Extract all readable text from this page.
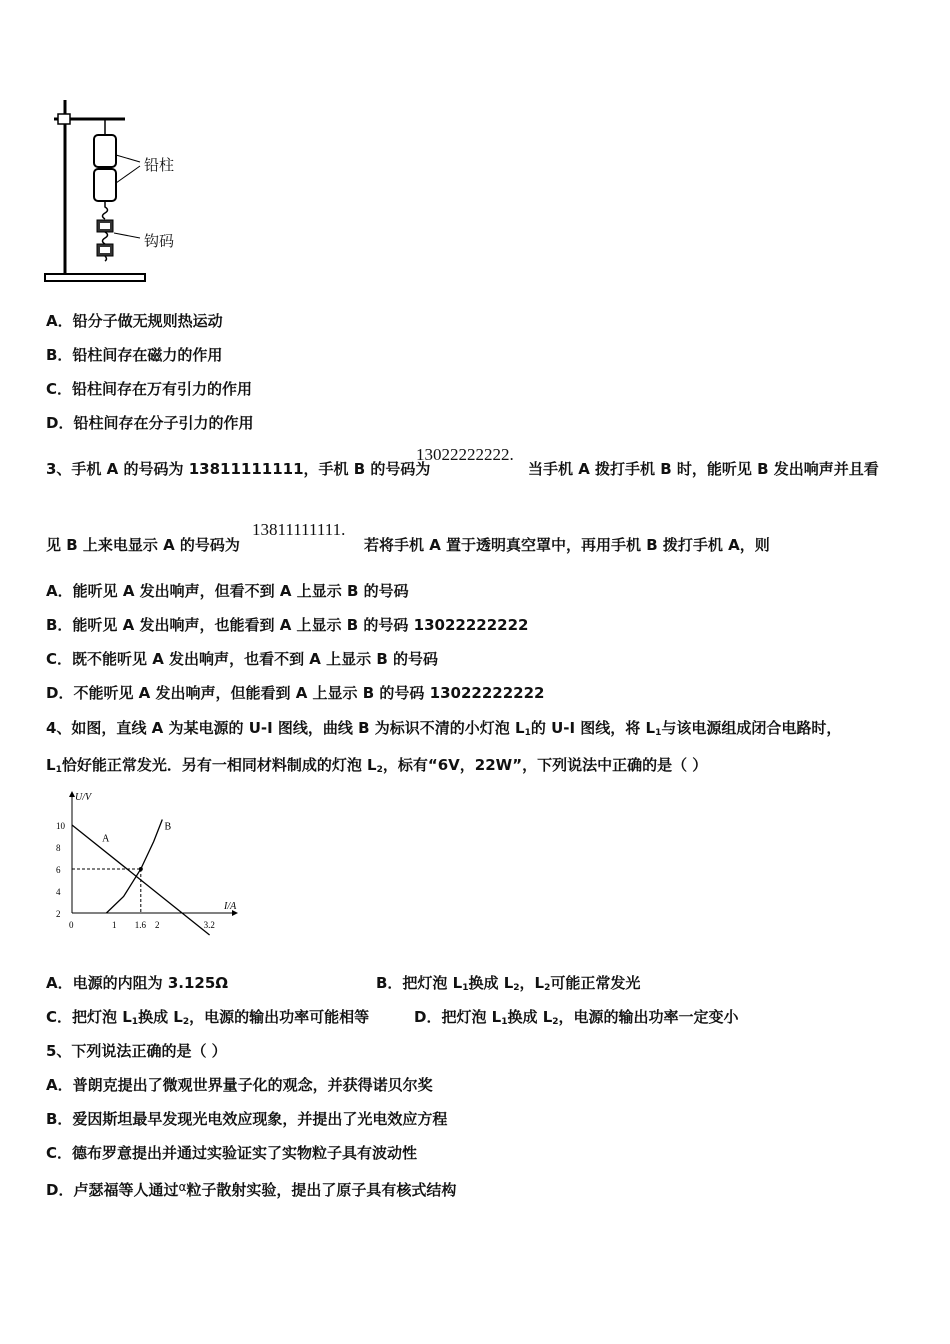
铅柱
钩码
A．铅分子做无规则热运动
B．铅柱间存在磁力的作用
C．铅柱间存在万有引力的作用
D．铅柱间存在分子引力的作用
3、手机 A 的号码为 13811111111，手机 B 的号码为
13022222222.
当手机 A 拨打手机 B 时，能听见 B 发出响声并且看
见 B 上来电显示 A 的号码为
13811111111.
若将手机 A 置于透明真空罩中，再用手机 B 拨打手机 A，则
A．能听见 A 发出响声，但看不到 A 上显示 B 的号码
B．能听见 A 发出响声，也能看到 A 上显示 B 的号码 13022222222
C．既不能听见 A 发出响声，也看不到 A 上显示 B 的号码
D．不能听见 A 发出响声，但能看到 A 上显示 B 的号码 13022222222
4、如图，直线 A 为某电源的 U-I 图线，曲线 B 为标识不清的小灯泡 $L_1$的 U-I 图线，将 $L_1$与该电源组成闭合电路时，
$L_1$恰好能正常发光．另有一相同材料制成的灯泡 $L_2$，标有“6V，22W”，下列说法中正确的是（ ）
U/V
I/A
2
4
6
8
10
0	1 1.6 2	3.2
A
B
A．电源的内阻为 3.125Ω	B．把灯泡 $L_1$换成 $L_2$，$L_2$可能正常发光
C．把灯泡 $L_1$换成 $L_2$，电源的输出功率可能相等	D．把灯泡 $L_1$换成 $L_2$，电源的输出功率一定变小
5、下列说法正确的是（ ）
A．普朗克提出了微观世界量子化的观念，并获得诺贝尔奖
B．爱因斯坦最早发现光电效应现象，并提出了光电效应方程
C．德布罗意提出并通过实验证实了实物粒子具有波动性
D．卢瑟福等人通过$^\alpha$粒子散射实验，提出了原子具有核式结构
